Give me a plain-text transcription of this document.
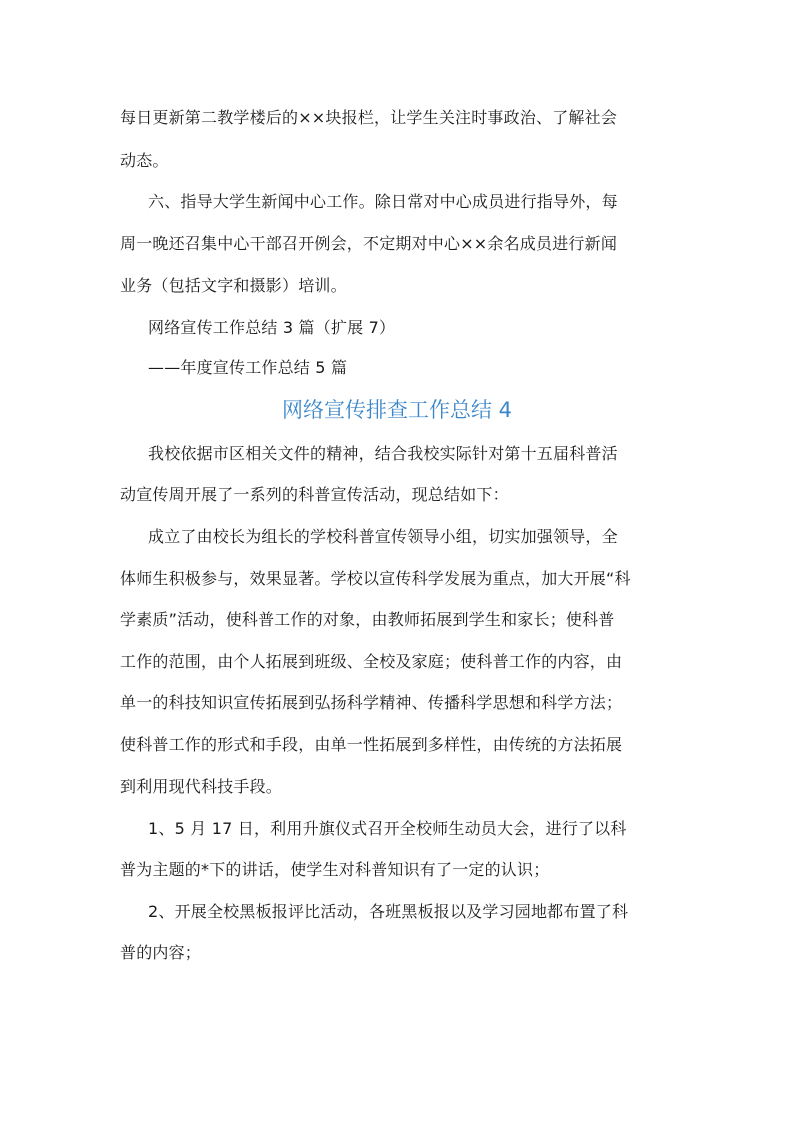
每日更新第二教学楼后的××块报栏，让学生关注时事政治、了解社会
动态。
六、指导大学生新闻中心工作。除日常对中心成员进行指导外，每
周一晚还召集中心干部召开例会，不定期对中心××余名成员进行新闻
业务（包括文字和摄影）培训。
网络宣传工作总结 3 篇（扩展 7）
——年度宣传工作总结 5 篇
网络宣传排查工作总结 4
我校依据市区相关文件的精神，结合我校实际针对第十五届科普活
动宣传周开展了一系列的科普宣传活动，现总结如下：
成立了由校长为组长的学校科普宣传领导小组，切实加强领导，全
体师生积极参与，效果显著。学校以宣传科学发展为重点，加大开展“科
学素质”活动，使科普工作的对象，由教师拓展到学生和家长；使科普
工作的范围，由个人拓展到班级、全校及家庭；使科普工作的内容，由
单一的科技知识宣传拓展到弘扬科学精神、传播科学思想和科学方法；
使科普工作的形式和手段，由单一性拓展到多样性，由传统的方法拓展
到利用现代科技手段。
1、5 月 17 日，利用升旗仪式召开全校师生动员大会，进行了以科
普为主题的*下的讲话，使学生对科普知识有了一定的认识；
2、开展全校黑板报评比活动，各班黑板报以及学习园地都布置了科
普的内容；
